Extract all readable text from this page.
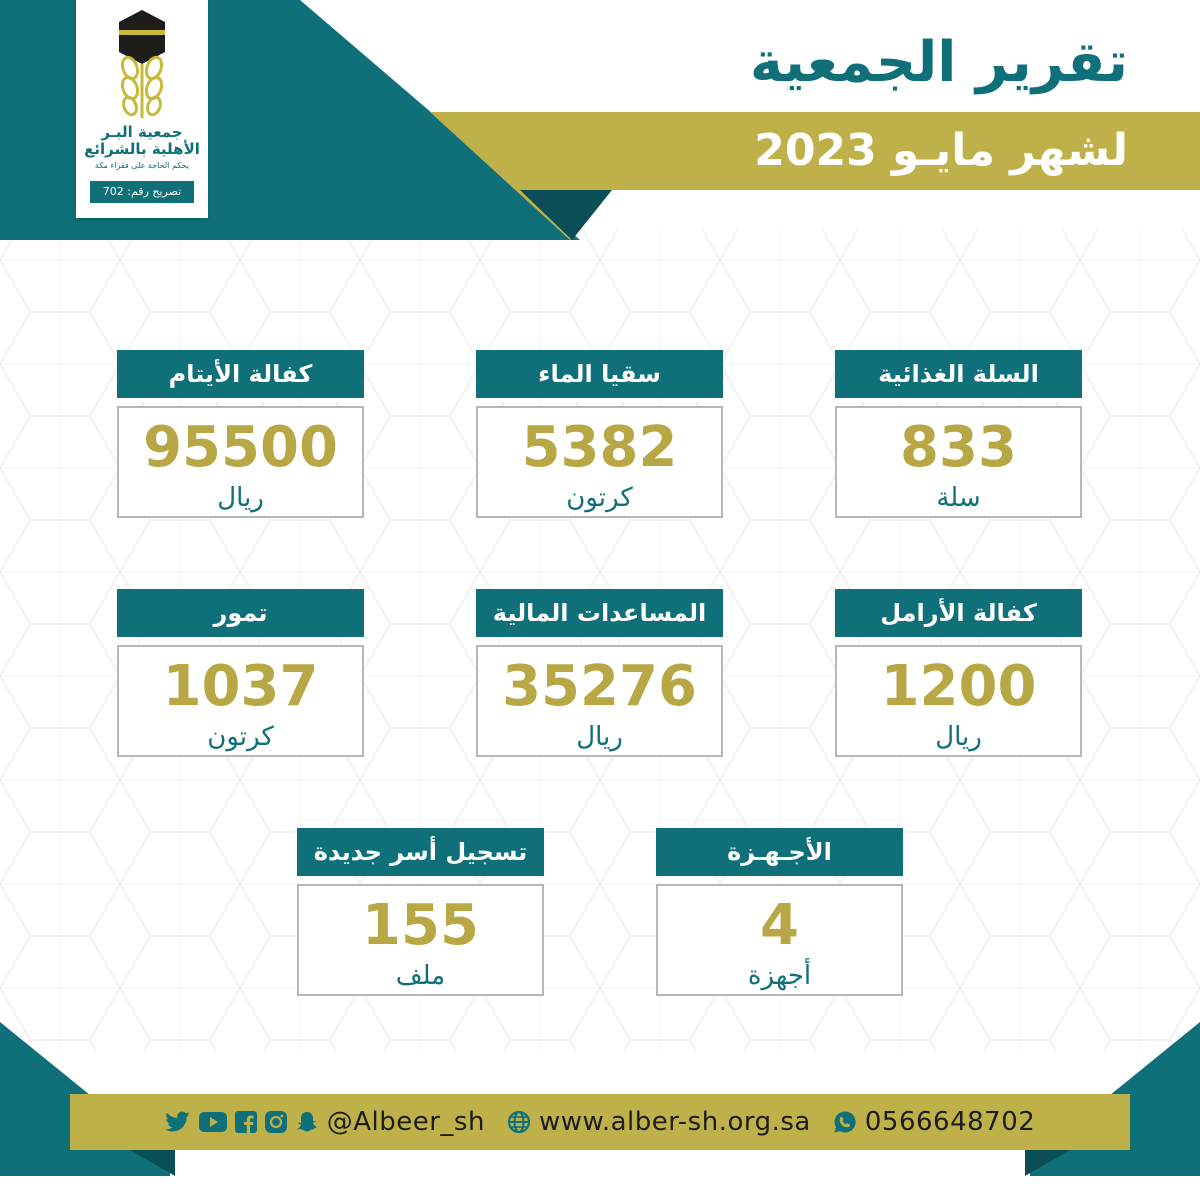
تقرير الجمعية
لشهر مايـو 2023
جمعية البـر
الأهلية بالشرائع
يحكم الحاجة على فقراء مكة
تصريح رقم: 702
السلة الغذائية
833
سلة
سقيا الماء
5382
كرتون
كفالة الأيتام
95500
ريال
كفالة الأرامل
1200
ريال
المساعدات المالية
35276
ريال
تمور
1037
كرتون
الأجـهـزة
4
أجهزة
تسجيل أسر جديدة
155
ملف
@Albeer_sh www.alber-sh.org.sa 0566648702
